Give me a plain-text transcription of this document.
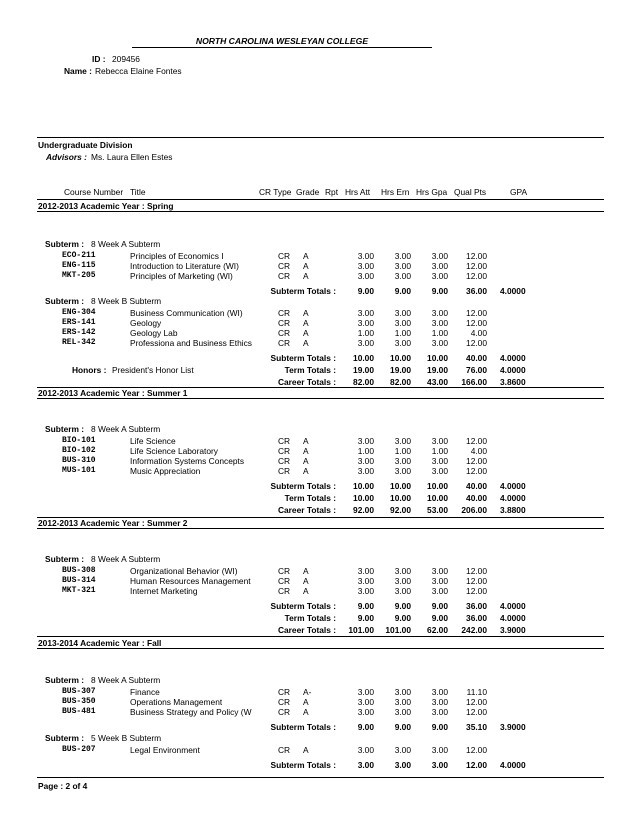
NORTH CAROLINA WESLEYAN COLLEGE
ID : 209456
Name : Rebecca Elaine Fontes
Undergraduate Division
Advisors : Ms. Laura Ellen Estes
Course Number Title	CR Type Grade Rpt Hrs Att Hrs Ern Hrs Gpa Qual Pts	GPA
2012-2013 Academic Year : Spring
Subterm : 8 Week A Subterm
ECO-211	Principles of Economics I	CR A	3.00	3.00	3.00	12.00
ENG-115	Introduction to Literature (WI)	CR A	3.00	3.00	3.00	12.00
MKT-205	Principles of Marketing (WI)	CR A	3.00	3.00	3.00	12.00
Subterm Totals :	9.00	9.00	9.00	36.00 4.0000
Subterm : 8 Week B Subterm
ENG-304	Business Communication (WI)	CR A	3.00	3.00	3.00	12.00
ERS-141	Geology	CR A	3.00	3.00	3.00	12.00
ERS-142	Geology Lab	CR A	1.00	1.00	1.00	4.00
REL-342	Professiona and Business Ethics	CR A	3.00	3.00	3.00	12.00
Subterm Totals :	10.00	10.00	10.00	40.00 4.0000
Honors : President's Honor List	Term Totals :	19.00	19.00	19.00	76.00 4.0000
Career Totals :	82.00	82.00	43.00	166.00 3.8600
2012-2013 Academic Year : Summer 1
Subterm : 8 Week A Subterm
BIO-101	Life Science	CR A	3.00	3.00	3.00	12.00
BIO-102	Life Science Laboratory	CR A	1.00	1.00	1.00	4.00
BUS-310	Information Systems Concepts	CR A	3.00	3.00	3.00	12.00
MUS-101	Music Appreciation	CR A	3.00	3.00	3.00	12.00
Subterm Totals :	10.00	10.00	10.00	40.00 4.0000
Term Totals :	10.00	10.00	10.00	40.00 4.0000
Career Totals :	92.00	92.00	53.00	206.00 3.8800
2012-2013 Academic Year : Summer 2
Subterm : 8 Week A Subterm
BUS-308	Organizational Behavior (WI)	CR A	3.00	3.00	3.00	12.00
BUS-314	Human Resources Management	CR A	3.00	3.00	3.00	12.00
MKT-321	Internet Marketing	CR A	3.00	3.00	3.00	12.00
Subterm Totals :	9.00	9.00	9.00	36.00 4.0000
Term Totals :	9.00	9.00	9.00	36.00 4.0000
Career Totals :	101.00	101.00	62.00	242.00 3.9000
2013-2014 Academic Year : Fall
Subterm : 8 Week A Subterm
BUS-307	Finance	CR A-	3.00	3.00	3.00	11.10
BUS-350	Operations Management	CR A	3.00	3.00	3.00	12.00
BUS-481	Business Strategy and Policy (W	CR A	3.00	3.00	3.00	12.00
Subterm Totals :	9.00	9.00	9.00	35.10 3.9000
Subterm : 5 Week B Subterm
BUS-207	Legal Environment	CR A	3.00	3.00	3.00	12.00
Subterm Totals :	3.00	3.00	3.00	12.00 4.0000
Page : 2 of 4
